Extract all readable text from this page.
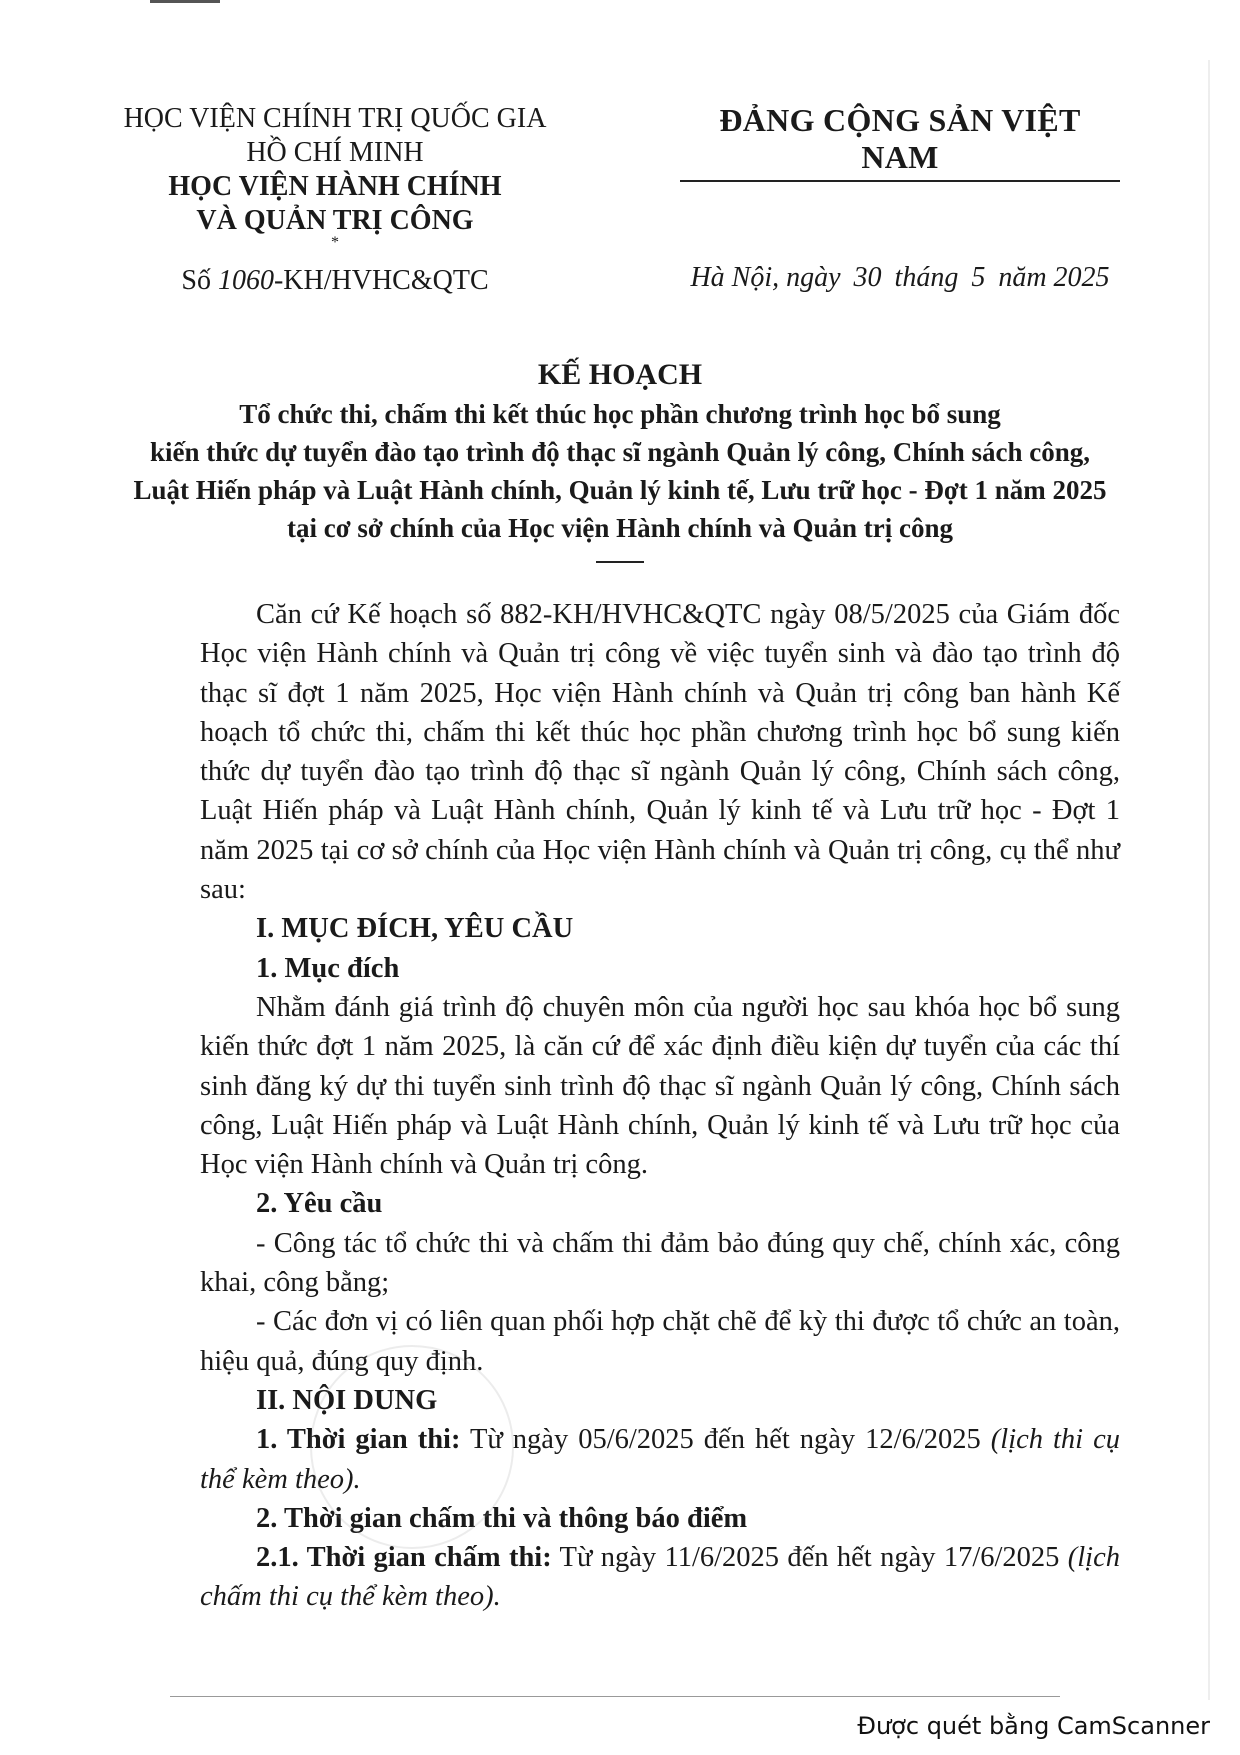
HỌC VIỆN CHÍNH TRỊ QUỐC GIA
HỒ CHÍ MINH
HỌC VIỆN HÀNH CHÍNH
VÀ QUẢN TRỊ CÔNG
*
Số 1060-KH/HVHC&QTC
ĐẢNG CỘNG SẢN VIỆT NAM
Hà Nội, ngày 30 tháng 5 năm 2025
KẾ HOẠCH
Tổ chức thi, chấm thi kết thúc học phần chương trình học bổ sung
kiến thức dự tuyển đào tạo trình độ thạc sĩ ngành Quản lý công, Chính sách công,
Luật Hiến pháp và Luật Hành chính, Quản lý kinh tế, Lưu trữ học - Đợt 1 năm 2025
tại cơ sở chính của Học viện Hành chính và Quản trị công

Căn cứ Kế hoạch số 882-KH/HVHC&QTC ngày 08/5/2025 của Giám đốc Học viện Hành chính và Quản trị công về việc tuyển sinh và đào tạo trình độ thạc sĩ đợt 1 năm 2025, Học viện Hành chính và Quản trị công ban hành Kế hoạch tổ chức thi, chấm thi kết thúc học phần chương trình học bổ sung kiến thức dự tuyển đào tạo trình độ thạc sĩ ngành Quản lý công, Chính sách công, Luật Hiến pháp và Luật Hành chính, Quản lý kinh tế và Lưu trữ học - Đợt 1 năm 2025 tại cơ sở chính của Học viện Hành chính và Quản trị công, cụ thể như sau:

I. MỤC ĐÍCH, YÊU CẦU

1. Mục đích

Nhằm đánh giá trình độ chuyên môn của người học sau khóa học bổ sung kiến thức đợt 1 năm 2025, là căn cứ để xác định điều kiện dự tuyển của các thí sinh đăng ký dự thi tuyển sinh trình độ thạc sĩ ngành Quản lý công, Chính sách công, Luật Hiến pháp và Luật Hành chính, Quản lý kinh tế và Lưu trữ học của Học viện Hành chính và Quản trị công.

2. Yêu cầu

- Công tác tổ chức thi và chấm thi đảm bảo đúng quy chế, chính xác, công khai, công bằng;

- Các đơn vị có liên quan phối hợp chặt chẽ để kỳ thi được tổ chức an toàn, hiệu quả, đúng quy định.

II. NỘI DUNG

1. Thời gian thi: Từ ngày 05/6/2025 đến hết ngày 12/6/2025 (lịch thi cụ thể kèm theo).

2. Thời gian chấm thi và thông báo điểm

2.1. Thời gian chấm thi: Từ ngày 11/6/2025 đến hết ngày 17/6/2025 (lịch chấm thi cụ thể kèm theo).

Được quét bằng CamScanner
